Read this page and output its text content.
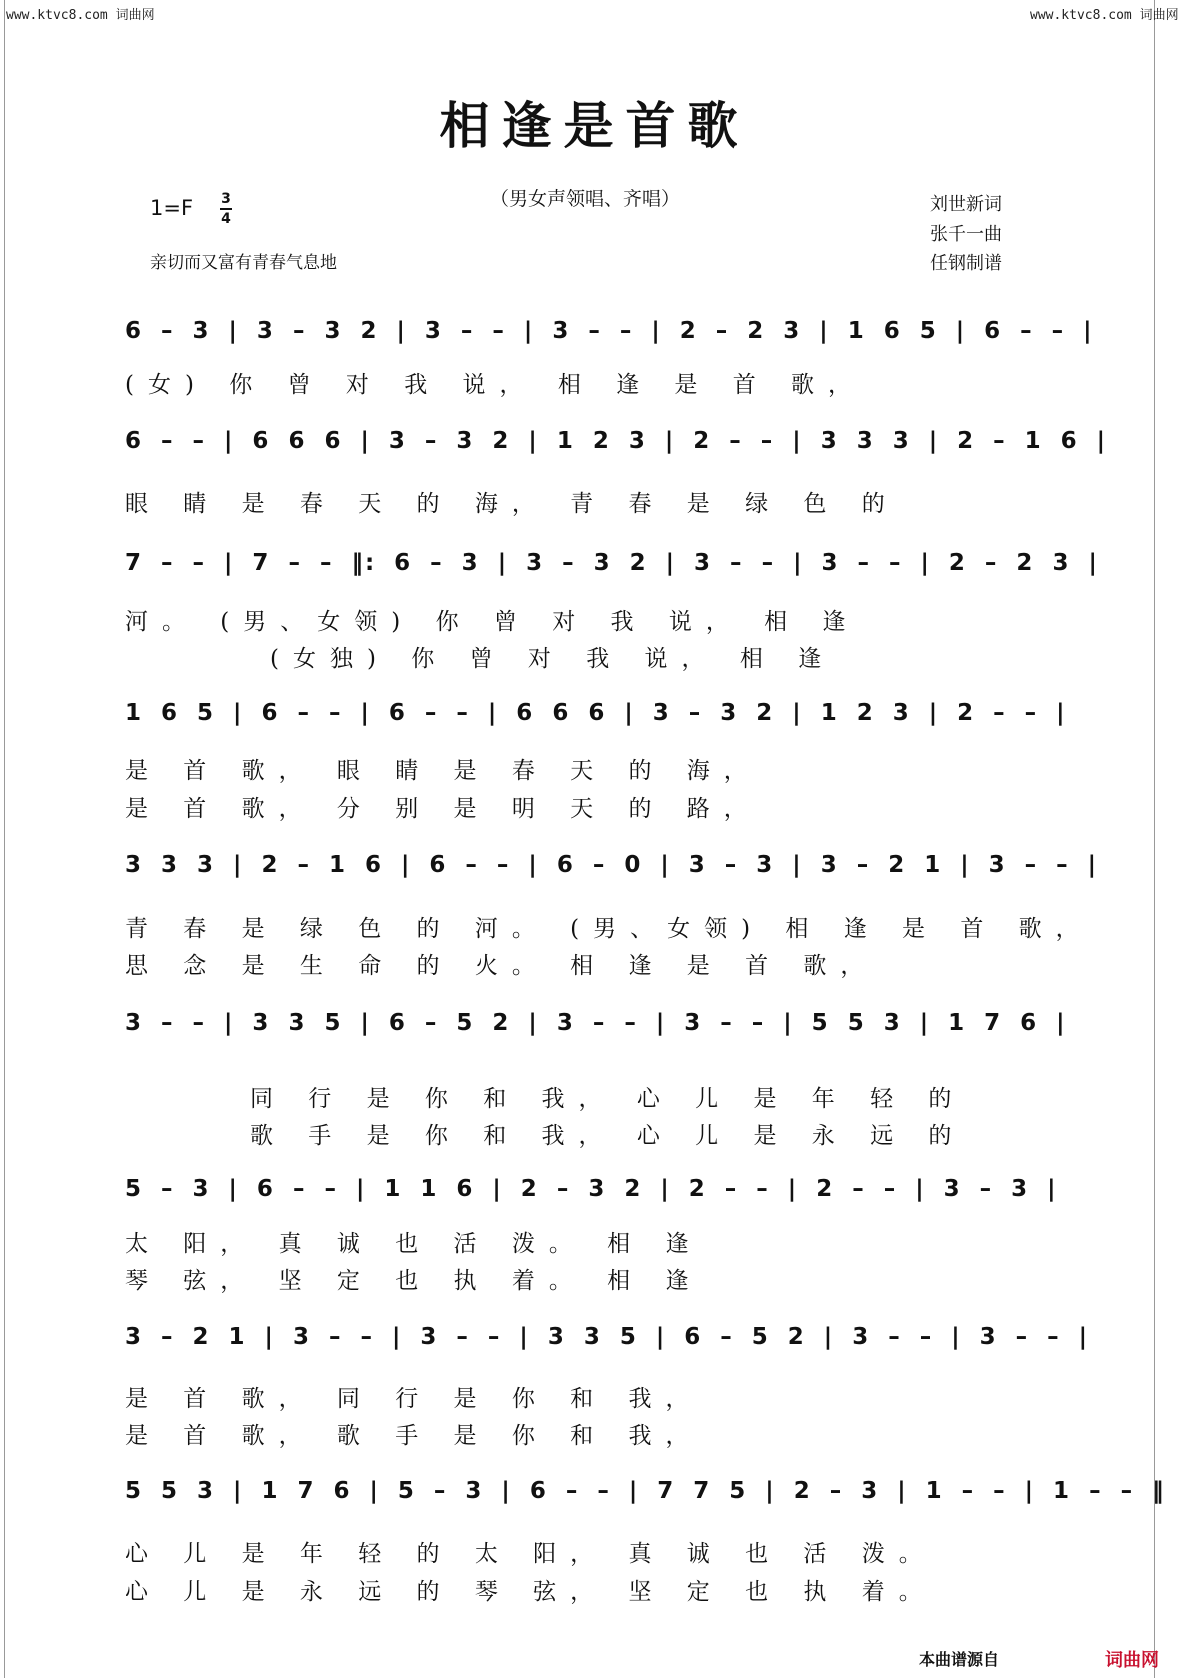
www.ktvc8.com 词曲网	www.ktvc8.com 词曲网
相逢是首歌
（男女声领唱、齐唱）
1=F 3
4
亲切而又富有青春气息地
刘世新词
张千一曲
任钢制谱
6 – 3 | 3 – 3 2 | 3 – – | 3 – – | 2 – 2 3 | 1 6 5 | 6 – – |
(女) 你 曾 对 我 说， 相 逢 是 首 歌，
6 – – | 6 6 6 | 3 – 3 2 | 1 2 3 | 2 – – | 3 3 3 | 2 – 1 6 |
眼 睛 是 春 天 的 海， 青 春 是 绿 色 的
7 – – | 7 – – ‖: 6 – 3 | 3 – 3 2 | 3 – – | 3 – – | 2 – 2 3 |
河。 (男、女领) 你 曾 对 我 说， 相 逢
(女独) 你 曾 对 我 说， 相 逢
1 6 5 | 6 – – | 6 – – | 6 6 6 | 3 – 3 2 | 1 2 3 | 2 – – |
是 首 歌， 眼 睛 是 春 天 的 海，
是 首 歌， 分 别 是 明 天 的 路，
3 3 3 | 2 – 1 6 | 6 – – | 6 – 0 | 3 – 3 | 3 – 2 1 | 3 – – |
青 春 是 绿 色 的 河。 (男、女领) 相 逢 是 首 歌，
思 念 是 生 命 的 火。 相 逢 是 首 歌，
3 – – | 3 3 5 | 6 – 5 2 | 3 – – | 3 – – | 5 5 3 | 1 7 6 |
同 行 是 你 和 我， 心 儿 是 年 轻 的
歌 手 是 你 和 我， 心 儿 是 永 远 的
5 – 3 | 6 – – | 1 1 6 | 2 – 3 2 | 2 – – | 2 – – | 3 – 3 |
太 阳， 真 诚 也 活 泼。 相 逢
琴 弦， 坚 定 也 执 着。 相 逢
3 – 2 1 | 3 – – | 3 – – | 3 3 5 | 6 – 5 2 | 3 – – | 3 – – |
是 首 歌， 同 行 是 你 和 我，
是 首 歌， 歌 手 是 你 和 我，
5 5 3 | 1 7 6 | 5 – 3 | 6 – – | 7 7 5 | 2 – 3 | 1 – – | 1 – – ‖
心 儿 是 年 轻 的 太 阳， 真 诚 也 活 泼。
心 儿 是 永 远 的 琴 弦， 坚 定 也 执 着。
本曲谱源自	词曲网
